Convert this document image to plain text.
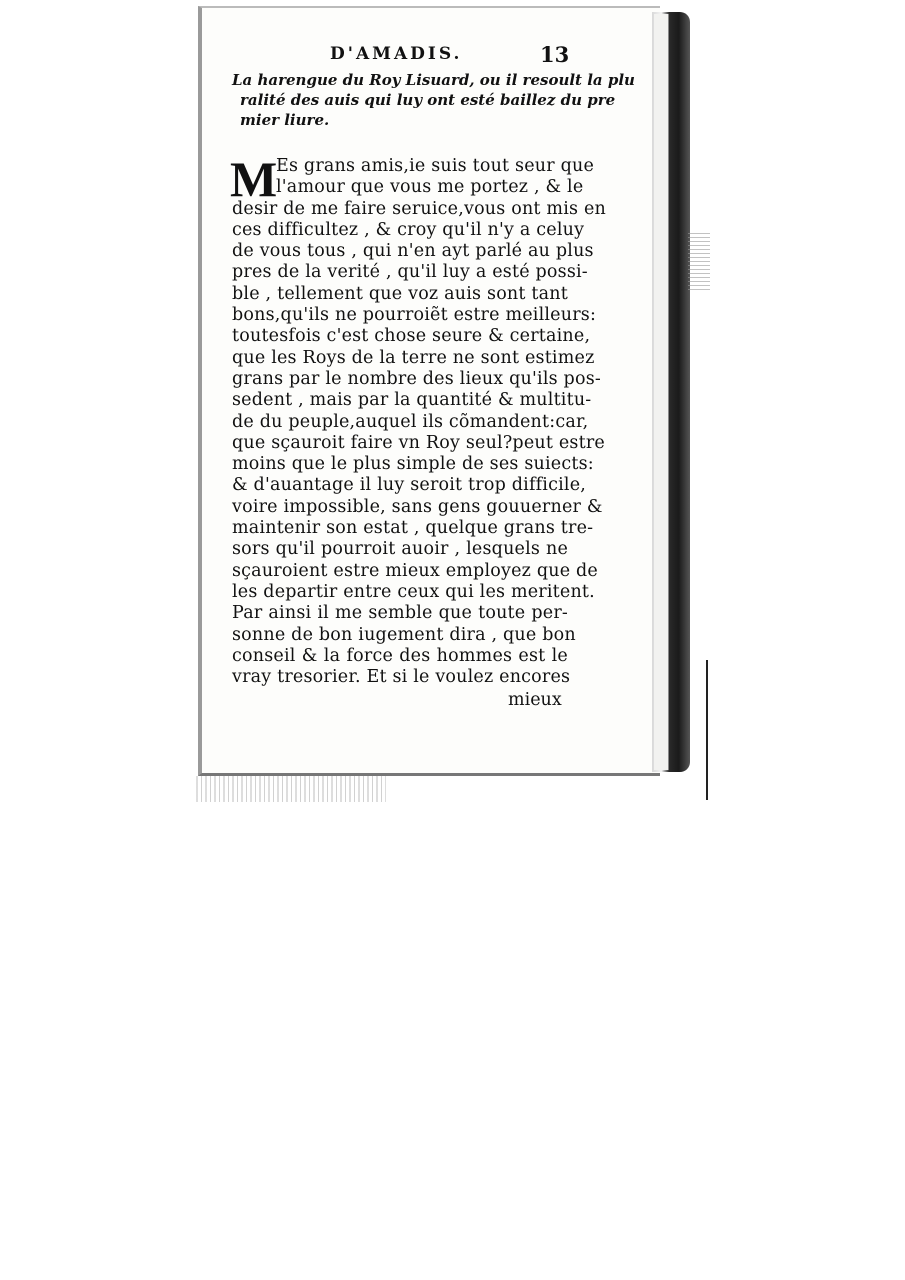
D'AMADIS.	13
La harengue du Roy Lisuard, ou il resoult la plu
ralité des auis qui luy ont esté baillez du pre
mier liure.
M
Es grans amis,ie suis tout seur que
l'amour que vous me portez , & le
desir de me faire seruice,vous ont mis en
ces difficultez , & croy qu'il n'y a celuy
de vous tous , qui n'en ayt parlé au plus
pres de la verité , qu'il luy a esté possi-
ble , tellement que voz auis sont tant
bons,qu'ils ne pourroiẽt estre meilleurs:
toutesfois c'est chose seure & certaine,
que les Roys de la terre ne sont estimez
grans par le nombre des lieux qu'ils pos-
sedent , mais par la quantité & multitu-
de du peuple,auquel ils cõmandent:car,
que sçauroit faire vn Roy seul?peut estre
moins que le plus simple de ses suiects:
& d'auantage il luy seroit trop difficile,
voire impossible, sans gens gouuerner &
maintenir son estat , quelque grans tre-
sors qu'il pourroit auoir , lesquels ne
sçauroient estre mieux employez que de
les departir entre ceux qui les meritent.
Par ainsi il me semble que toute per-
sonne de bon iugement dira , que bon
conseil & la force des hommes est le
vray tresorier. Et si le voulez encores
mieux
